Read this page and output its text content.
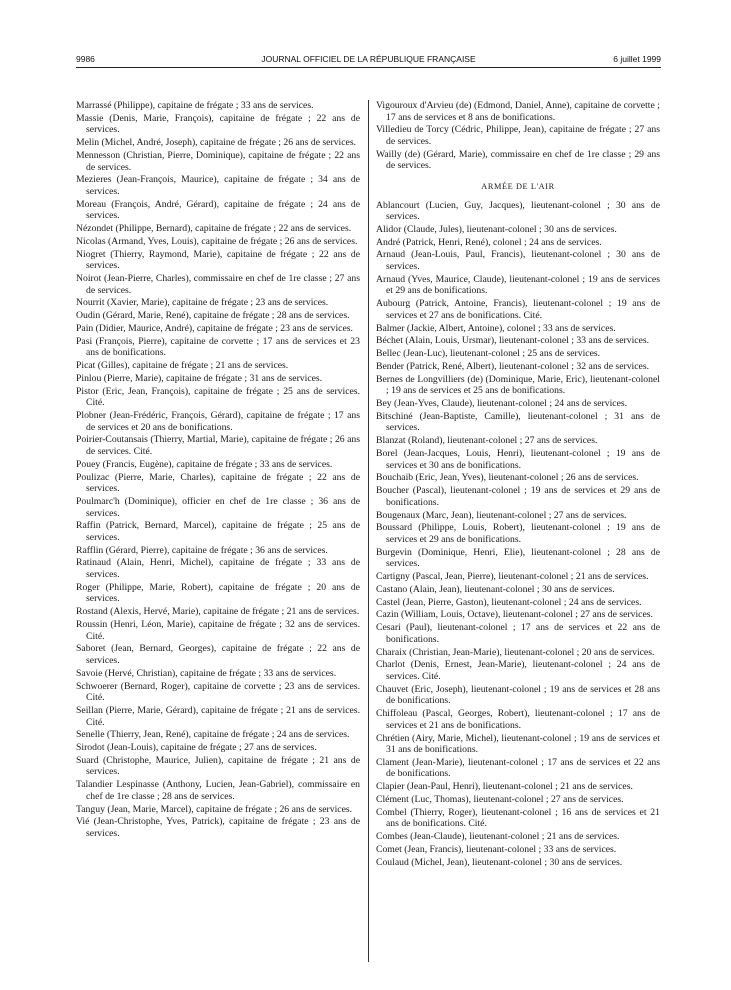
9986	JOURNAL OFFICIEL DE LA RÉPUBLIQUE FRANÇAISE	6 juillet 1999
Marrassé (Philippe), capitaine de frégate ; 33 ans de services.
Massie (Denis, Marie, François), capitaine de frégate ; 22 ans de services.
Melin (Michel, André, Joseph), capitaine de frégate ; 26 ans de services.
Mennesson (Christian, Pierre, Dominique), capitaine de frégate ; 22 ans de services.
Mezieres (Jean-François, Maurice), capitaine de frégate ; 34 ans de services.
Moreau (François, André, Gérard), capitaine de frégate ; 24 ans de services.
Nézondet (Philippe, Bernard), capitaine de frégate ; 22 ans de services.
Nicolas (Armand, Yves, Louis), capitaine de frégate ; 26 ans de services.
Niogret (Thierry, Raymond, Marie), capitaine de frégate ; 22 ans de services.
Noirot (Jean-Pierre, Charles), commissaire en chef de 1re classe ; 27 ans de services.
Nourrit (Xavier, Marie), capitaine de frégate ; 23 ans de services.
Oudin (Gérard, Marie, René), capitaine de frégate ; 28 ans de services.
Pain (Didier, Maurice, André), capitaine de frégate ; 23 ans de services.
Pasi (François, Pierre), capitaine de corvette ; 17 ans de services et 23 ans de bonifications.
Picat (Gilles), capitaine de frégate ; 21 ans de services.
Pinlou (Pierre, Marie), capitaine de frégate ; 31 ans de services.
Pistor (Eric, Jean, François), capitaine de frégate ; 25 ans de services. Cité.
Plobner (Jean-Frédéric, François, Gérard), capitaine de frégate ; 17 ans de services et 20 ans de bonifications.
Poirier-Coutansais (Thierry, Martial, Marie), capitaine de frégate ; 26 ans de services. Cité.
Pouey (Francis, Eugène), capitaine de frégate ; 33 ans de services.
Poulizac (Pierre, Marie, Charles), capitaine de frégate ; 22 ans de services.
Poulmarc'h (Dominique), officier en chef de 1re classe ; 36 ans de services.
Raffin (Patrick, Bernard, Marcel), capitaine de frégate ; 25 ans de services.
Rafflin (Gérard, Pierre), capitaine de frégate ; 36 ans de services.
Ratinaud (Alain, Henri, Michel), capitaine de frégate ; 33 ans de services.
Roger (Philippe, Marie, Robert), capitaine de frégate ; 20 ans de services.
Rostand (Alexis, Hervé, Marie), capitaine de frégate ; 21 ans de services.
Roussin (Henri, Léon, Marie), capitaine de frégate ; 32 ans de services. Cité.
Saboret (Jean, Bernard, Georges), capitaine de frégate ; 22 ans de services.
Savoie (Hervé, Christian), capitaine de frégate ; 33 ans de services.
Schwoerer (Bernard, Roger), capitaine de corvette ; 23 ans de services. Cité.
Seillan (Pierre, Marie, Gérard), capitaine de frégate ; 21 ans de services. Cité.
Senelle (Thierry, Jean, René), capitaine de frégate ; 24 ans de services.
Sirodot (Jean-Louis), capitaine de frégate ; 27 ans de services.
Suard (Christophe, Maurice, Julien), capitaine de frégate ; 21 ans de services.
Talandier Lespinasse (Anthony, Lucien, Jean-Gabriel), commissaire en chef de 1re classe ; 28 ans de services.
Tanguy (Jean, Marie, Marcel), capitaine de frégate ; 26 ans de services.
Vié (Jean-Christophe, Yves, Patrick), capitaine de frégate ; 23 ans de services.
Vigouroux d'Arvieu (de) (Edmond, Daniel, Anne), capitaine de corvette ; 17 ans de services et 8 ans de bonifications.
Villedieu de Torcy (Cédric, Philippe, Jean), capitaine de frégate ; 27 ans de services.
Wailly (de) (Gérard, Marie), commissaire en chef de 1re classe ; 29 ans de services.
ARMÉE DE L'AIR
Ablancourt (Lucien, Guy, Jacques), lieutenant-colonel ; 30 ans de services.
Alidor (Claude, Jules), lieutenant-colonel ; 30 ans de services.
André (Patrick, Henri, René), colonel ; 24 ans de services.
Arnaud (Jean-Louis, Paul, Francis), lieutenant-colonel ; 30 ans de services.
Arnaud (Yves, Maurice, Claude), lieutenant-colonel ; 19 ans de services et 29 ans de bonifications.
Aubourg (Patrick, Antoine, Francis), lieutenant-colonel ; 19 ans de services et 27 ans de bonifications. Cité.
Balmer (Jackie, Albert, Antoine), colonel ; 33 ans de services.
Béchet (Alain, Louis, Ursmar), lieutenant-colonel ; 33 ans de services.
Bellec (Jean-Luc), lieutenant-colonel ; 25 ans de services.
Bender (Patrick, René, Albert), lieutenant-colonel ; 32 ans de services.
Bernes de Longvilliers (de) (Dominique, Marie, Eric), lieutenant-colonel ; 19 ans de services et 25 ans de bonifications.
Bey (Jean-Yves, Claude), lieutenant-colonel ; 24 ans de services.
Bitschiné (Jean-Baptiste, Camille), lieutenant-colonel ; 31 ans de services.
Blanzat (Roland), lieutenant-colonel ; 27 ans de services.
Borel (Jean-Jacques, Louis, Henri), lieutenant-colonel ; 19 ans de services et 30 ans de bonifications.
Bouchaib (Eric, Jean, Yves), lieutenant-colonel ; 26 ans de services.
Boucher (Pascal), lieutenant-colonel ; 19 ans de services et 29 ans de bonifications.
Bougenaux (Marc, Jean), lieutenant-colonel ; 27 ans de services.
Boussard (Philippe, Louis, Robert), lieutenant-colonel ; 19 ans de services et 29 ans de bonifications.
Burgevin (Dominique, Henri, Elie), lieutenant-colonel ; 28 ans de services.
Cartigny (Pascal, Jean, Pierre), lieutenant-colonel ; 21 ans de services.
Castano (Alain, Jean), lieutenant-colonel ; 30 ans de services.
Castel (Jean, Pierre, Gaston), lieutenant-colonel ; 24 ans de services.
Cazin (William, Louis, Octave), lieutenant-colonel ; 27 ans de services.
Cesari (Paul), lieutenant-colonel ; 17 ans de services et 22 ans de bonifications.
Charaix (Christian, Jean-Marie), lieutenant-colonel ; 20 ans de services.
Charlot (Denis, Ernest, Jean-Marie), lieutenant-colonel ; 24 ans de services. Cité.
Chauvet (Eric, Joseph), lieutenant-colonel ; 19 ans de services et 28 ans de bonifications.
Chiffoleau (Pascal, Georges, Robert), lieutenant-colonel ; 17 ans de services et 21 ans de bonifications.
Chrétien (Airy, Marie, Michel), lieutenant-colonel ; 19 ans de services et 31 ans de bonifications.
Clament (Jean-Marie), lieutenant-colonel ; 17 ans de services et 22 ans de bonifications.
Clapier (Jean-Paul, Henri), lieutenant-colonel ; 21 ans de services.
Clément (Luc, Thomas), lieutenant-colonel ; 27 ans de services.
Combel (Thierry, Roger), lieutenant-colonel ; 16 ans de services et 21 ans de bonifications. Cité.
Combes (Jean-Claude), lieutenant-colonel ; 21 ans de services.
Comet (Jean, Francis), lieutenant-colonel ; 33 ans de services.
Coulaud (Michel, Jean), lieutenant-colonel ; 30 ans de services.
